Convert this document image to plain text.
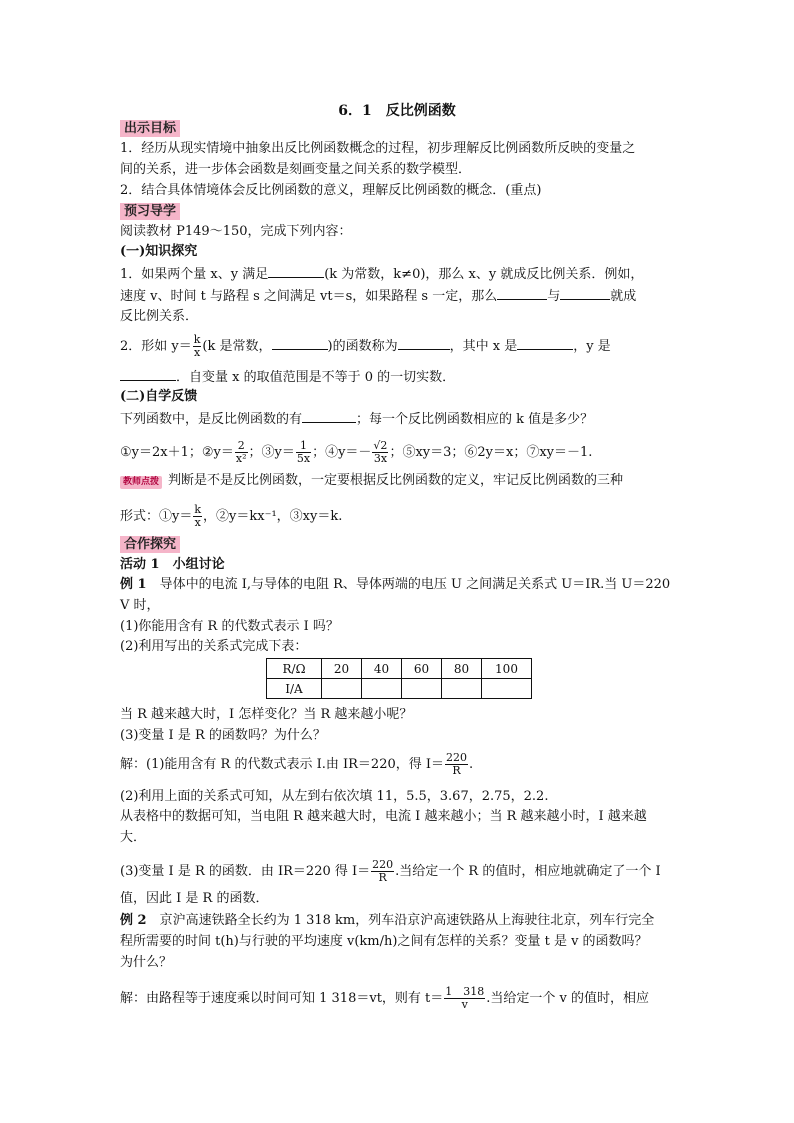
6．1　反比例函数
出示目标
1．经历从现实情境中抽象出反比例函数概念的过程，初步理解反比例函数所反映的变量之
间的关系，进一步体会函数是刻画变量之间关系的数学模型．
2．结合具体情境体会反比例函数的意义，理解反比例函数的概念．(重点)
预习导学
阅读教材 P149～150，完成下列内容：
(一)知识探究
1．如果两个量 x、y 满足	(k 为常数，k≠0)，那么 x、y 就成反比例关系．例如，
速度 v、时间 t 与路程 s 之间满足 vt＝s，如果路程 s 一定，那么	与	就成
反比例关系．
2．形如 $y= \frac{k}{x} (k$ 是常数，	)的函数称为	，其中 x 是	，y 是
．自变量 x 的取值范围是不等于 0 的一切实数．
(二)自学反馈
下列函数中，是反比例函数的有	；每一个反比例函数相应的 k 值是多少？
①y＝2x＋1；②y＝ $\frac{2}{\text{x²}}$ ；③y＝ $\frac{1}{5x}$ ；④y＝－ $\frac{√2}{3x}$ ；⑤xy＝3；⑥2y＝x；⑦xy＝－1.
教师点拨 判断是不是反比例函数，一定要根据反比例函数的定义，牢记反比例函数的三种
形式：①y＝ $\frac{k}{x}$ ，②y＝kx⁻¹，③xy＝k.
合作探究
活动 1　小组讨论
例 1　导体中的电流 I,与导体的电阻 R、导体两端的电压 U 之间满足关系式 U＝IR.当 U＝220
V 时，
(1)你能用含有 R 的代数式表示 I 吗？
(2)利用写出的关系式完成下表：
R/Ω	20	40	60	80	100
I/A					
当 R 越来越大时，I 怎样变化？当 R 越来越小呢？
(3)变量 I 是 R 的函数吗？为什么？
解：(1)能用含有 R 的代数式表示 I.由 IR＝220，得 $I= \frac{220}{R}$ .
(2)利用上面的关系式可知，从左到右依次填 11，5.5，3.67，2.75，2.2.
从表格中的数据可知，当电阻 R 越来越大时，电流 I 越来越小；当 R 越来越小时，I 越来越
大．
(3)变量 I 是 R 的函数．由 IR＝220 得 $I= \frac{220}{R}$ .当给定一个 R 的值时，相应地就确定了一个 I
值，因此 I 是 R 的函数．
例 2　京沪高速铁路全长约为 1 318 km，列车沿京沪高速铁路从上海驶往北京，列车行完全
程所需要的时间 t(h)与行驶的平均速度 v(km/h)之间有怎样的关系？变量 t 是 v 的函数吗？
为什么？
解：由路程等于速度乘以时间可知 1 318＝vt，则有 $t= \frac{1 318}{v}$ .当给定一个 v 的值时，相应
